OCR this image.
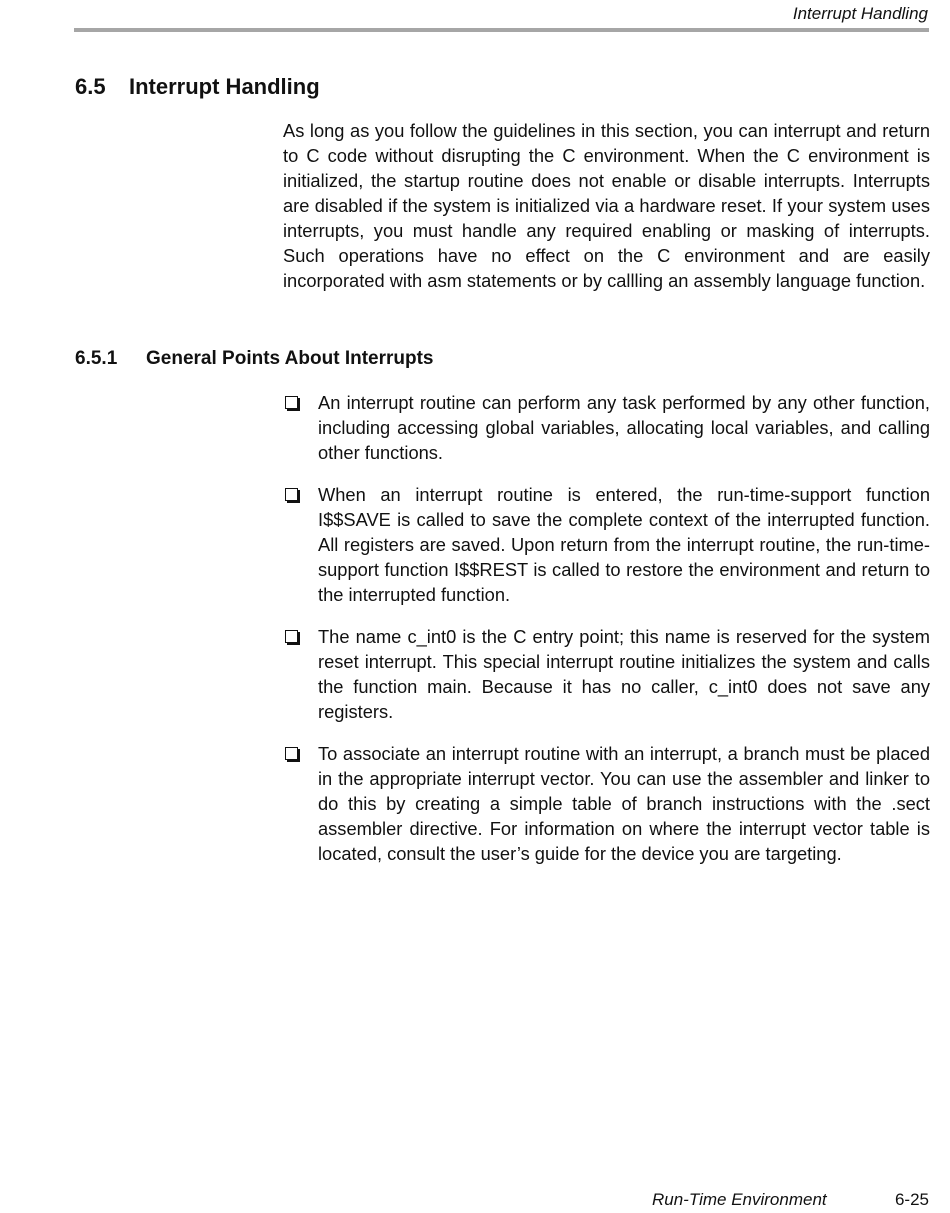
Interrupt Handling
6.5 Interrupt Handling

As long as you follow the guidelines in this section, you can interrupt and return to C code without disrupting the C environment. When the C environment is initialized, the startup routine does not enable or disable interrupts. Interrupts are disabled if the system is initialized via a hardware reset. If your system uses interrupts, you must handle any required enabling or masking of interrupts. Such operations have no effect on the C environment and are easily incorporated with asm statements or by callling an assembly language function.

6.5.1 General Points About Interrupts
An interrupt routine can perform any task performed by any other function, including accessing global variables, allocating local variables, and calling other functions.
When an interrupt routine is entered, the run-time-support function I$$SAVE is called to save the complete context of the interrupted function. All registers are saved. Upon return from the interrupt routine, the run-time-support function I$$REST is called to restore the environment and return to the interrupted function.
The name c_int0 is the C entry point; this name is reserved for the system reset interrupt. This special interrupt routine initializes the system and calls the function main. Because it has no caller, c_int0 does not save any registers.
To associate an interrupt routine with an interrupt, a branch must be placed in the appropriate interrupt vector. You can use the assembler and linker to do this by creating a simple table of branch instructions with the .sect assembler directive. For information on where the interrupt vector table is located, consult the user’s guide for the device you are targeting.
Run-Time Environment	6-25
